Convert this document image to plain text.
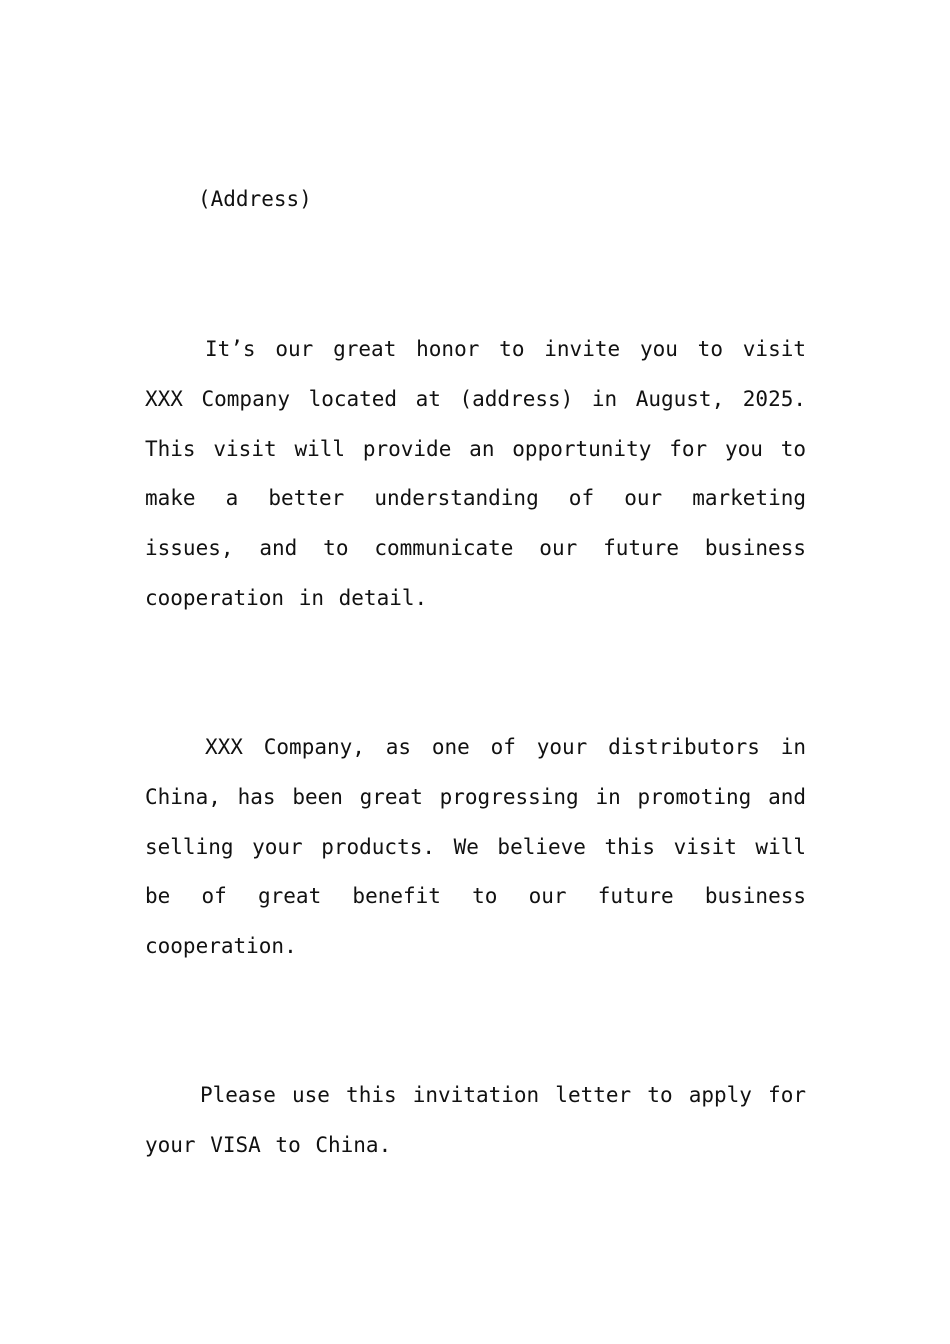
(Address)

It’s our great honor to invite you to visit XXX Company located at (address) in August, 2025. This visit will provide an opportunity for you to make a better understanding of our marketing issues, and to communicate our future business cooperation in detail.

XXX Company, as one of your distributors in China, has been great progressing in promoting and selling your products. We believe this visit will be of great benefit to our future business cooperation.

Please use this invitation letter to apply for your VISA to China.
